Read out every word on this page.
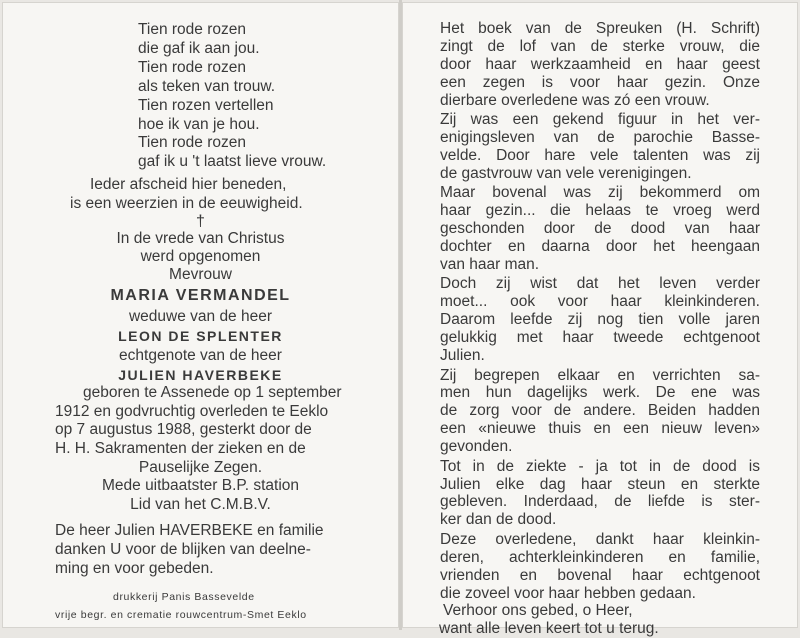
Tien rode rozen
die gaf ik aan jou.
Tien rode rozen
als teken van trouw.
Tien rozen vertellen
hoe ik van je hou.
Tien rode rozen
gaf ik u 't laatst lieve vrouw.
Ieder afscheid hier beneden,
is een weerzien in de eeuwigheid.
†
In de vrede van Christus
werd opgenomen
Mevrouw
MARIA VERMANDEL
weduwe van de heer
LEON DE SPLENTER
echtgenote van de heer
JULIEN HAVERBEKE
geboren te Assenede op 1 september
1912 en godvruchtig overleden te Eeklo
op 7 augustus 1988, gesterkt door de
H. H. Sakramenten der zieken en de
Pauselijke Zegen.
Mede uitbaatster B.P. station
Lid van het C.M.B.V.
De heer Julien HAVERBEKE en familie
danken U voor de blijken van deelne-
ming en voor gebeden.
drukkerij Panis Bassevelde
vrije begr. en crematie rouwcentrum-Smet Eeklo
Het boek van de Spreuken (H. Schrift)
zingt de lof van de sterke vrouw, die
door haar werkzaamheid en haar geest
een zegen is voor haar gezin. Onze
dierbare overledene was zó een vrouw.
Zij was een gekend figuur in het ver-
enigingsleven van de parochie Basse-
velde. Door hare vele talenten was zij
de gastvrouw van vele verenigingen.
Maar bovenal was zij bekommerd om
haar gezin... die helaas te vroeg werd
geschonden door de dood van haar
dochter en daarna door het heengaan
van haar man.
Doch zij wist dat het leven verder
moet... ook voor haar kleinkinderen.
Daarom leefde zij nog tien volle jaren
gelukkig met haar tweede echtgenoot
Julien.
Zij begrepen elkaar en verrichten sa-
men hun dagelijks werk. De ene was
de zorg voor de andere. Beiden hadden
een «nieuwe thuis en een nieuw leven»
gevonden.
Tot in de ziekte - ja tot in de dood is
Julien elke dag haar steun en sterkte
gebleven. Inderdaad, de liefde is ster-
ker dan de dood.
Deze overledene, dankt haar kleinkin-
deren, achterkleinkinderen en familie,
vrienden en bovenal haar echtgenoot
die zoveel voor haar hebben gedaan.
Verhoor ons gebed, o Heer,
want alle leven keert tot u terug.
